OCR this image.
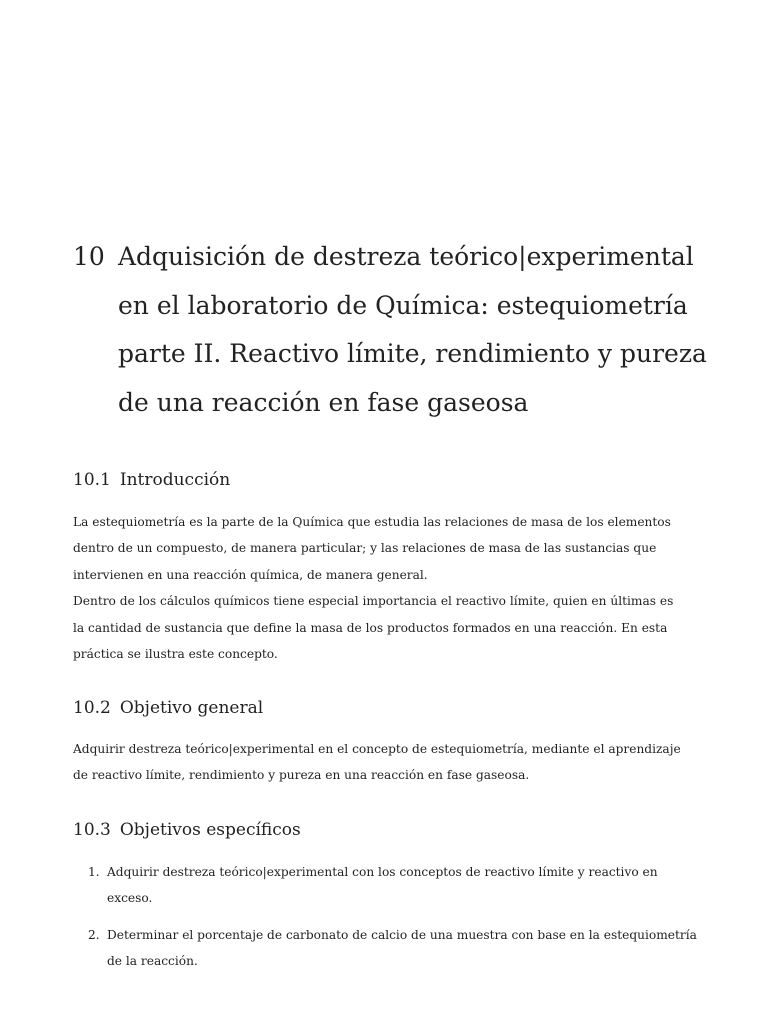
10 Adquisición de destreza teórico|experimental
en el laboratorio de Química: estequiometría
parte II. Reactivo límite, rendimiento y pureza
de una reacción en fase gaseosa
10.1 Introducción
La estequiometría es la parte de la Química que estudia las relaciones de masa de los elementos
dentro de un compuesto, de manera particular; y las relaciones de masa de las sustancias que
intervienen en una reacción química, de manera general.
Dentro de los cálculos químicos tiene especial importancia el reactivo límite, quien en últimas es
la cantidad de sustancia que define la masa de los productos formados en una reacción. En esta
práctica se ilustra este concepto.
10.2 Objetivo general
Adquirir destreza teórico|experimental en el concepto de estequiometría, mediante el aprendizaje
de reactivo límite, rendimiento y pureza en una reacción en fase gaseosa.
10.3 Objetivos específicos
1. Adquirir destreza teórico|experimental con los conceptos de reactivo límite y reactivo en
exceso.
2. Determinar el porcentaje de carbonato de calcio de una muestra con base en la estequiometría
de la reacción.
